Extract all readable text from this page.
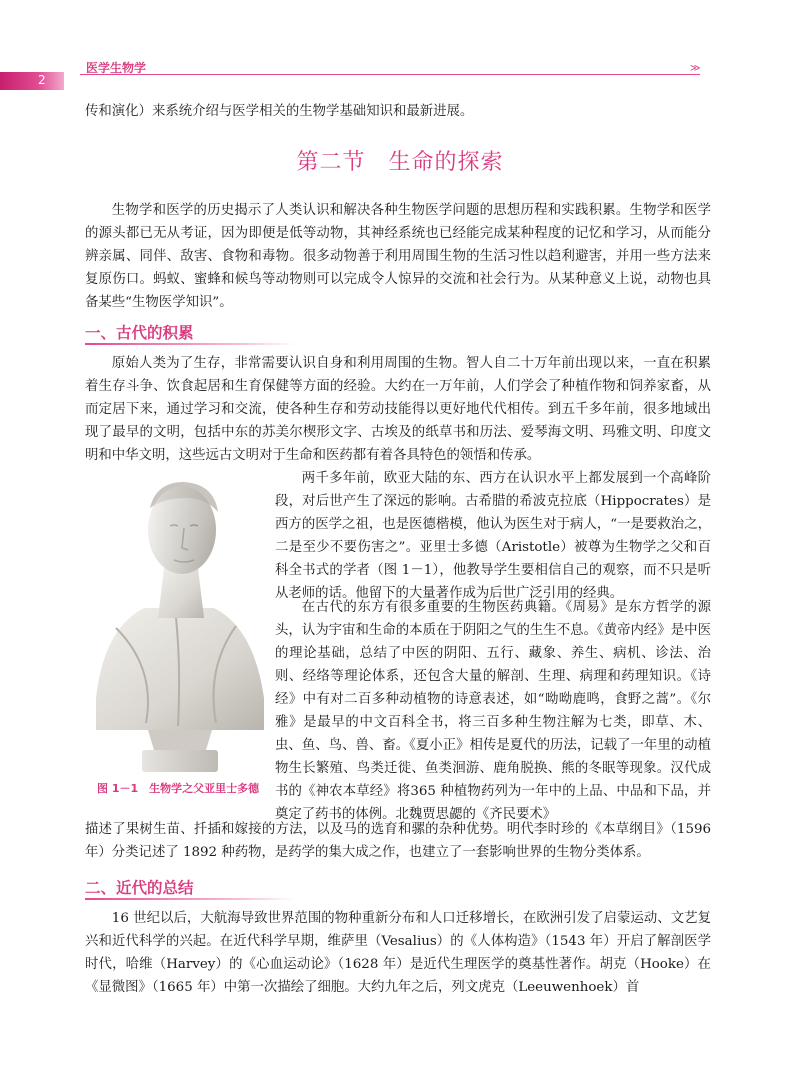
2
医学生物学	≫

传和演化）来系统介绍与医学相关的生物学基础知识和最新进展。

第二节　生命的探索

生物学和医学的历史揭示了人类认识和解决各种生物医学问题的思想历程和实践积累。生物学和医学的源头都已无从考证，因为即便是低等动物，其神经系统也已经能完成某种程度的记忆和学习，从而能分辨亲属、同伴、敌害、食物和毒物。很多动物善于利用周围生物的生活习性以趋利避害，并用一些方法来复原伤口。蚂蚁、蜜蜂和候鸟等动物则可以完成令人惊异的交流和社会行为。从某种意义上说，动物也具备某些“生物医学知识”。

一、古代的积累

原始人类为了生存，非常需要认识自身和利用周围的生物。智人自二十万年前出现以来，一直在积累着生存斗争、饮食起居和生育保健等方面的经验。大约在一万年前，人们学会了种植作物和饲养家畜，从而定居下来，通过学习和交流，使各种生存和劳动技能得以更好地代代相传。到五千多年前，很多地域出现了最早的文明，包括中东的苏美尔楔形文字、古埃及的纸草书和历法、爱琴海文明、玛雅文明、印度文明和中华文明，这些远古文明对于生命和医药都有着各具特色的领悟和传承。

两千多年前，欧亚大陆的东、西方在认识水平上都发展到一个高峰阶段，对后世产生了深远的影响。古希腊的希波克拉底（Hippocrates）是西方的医学之祖，也是医德楷模，他认为医生对于病人，“一是要救治之，二是至少不要伤害之”。亚里士多德（Aristotle）被尊为生物学之父和百科全书式的学者（图 1－1），他教导学生要相信自己的观察，而不只是听从老师的话。他留下的大量著作成为后世广泛引用的经典。

在古代的东方有很多重要的生物医药典籍。《周易》是东方哲学的源头，认为宇宙和生命的本质在于阴阳之气的生生不息。《黄帝内经》是中医的理论基础，总结了中医的阴阳、五行、藏象、养生、病机、诊法、治则、经络等理论体系，还包含大量的解剖、生理、病理和药理知识。《诗经》中有对二百多种动植物的诗意表述，如“呦呦鹿鸣，食野之蒿”。《尔雅》是最早的中文百科全书，将三百多种生物注解为七类，即草、木、虫、鱼、鸟、兽、畜。《夏小正》相传是夏代的历法，记载了一年里的动植物生长繁殖、鸟类迁徙、鱼类洄游、鹿角脱换、熊的冬眠等现象。汉代成书的《神农本草经》将365 种植物药列为一年中的上品、中品和下品，并奠定了药书的体例。北魏贾思勰的《齐民要术》

图 1－1　生物学之父亚里士多德

描述了果树生苗、扦插和嫁接的方法，以及马的选育和骡的杂种优势。明代李时珍的《本草纲目》（1596 年）分类记述了 1892 种药物，是药学的集大成之作，也建立了一套影响世界的生物分类体系。

二、近代的总结

16 世纪以后，大航海导致世界范围的物种重新分布和人口迁移增长，在欧洲引发了启蒙运动、文艺复兴和近代科学的兴起。在近代科学早期，维萨里（Vesalius）的《人体构造》（1543 年）开启了解剖医学时代，哈维（Harvey）的《心血运动论》（1628 年）是近代生理医学的奠基性著作。胡克（Hooke）在《显微图》（1665 年）中第一次描绘了细胞。大约九年之后，列文虎克（Leeuwenhoek）首
